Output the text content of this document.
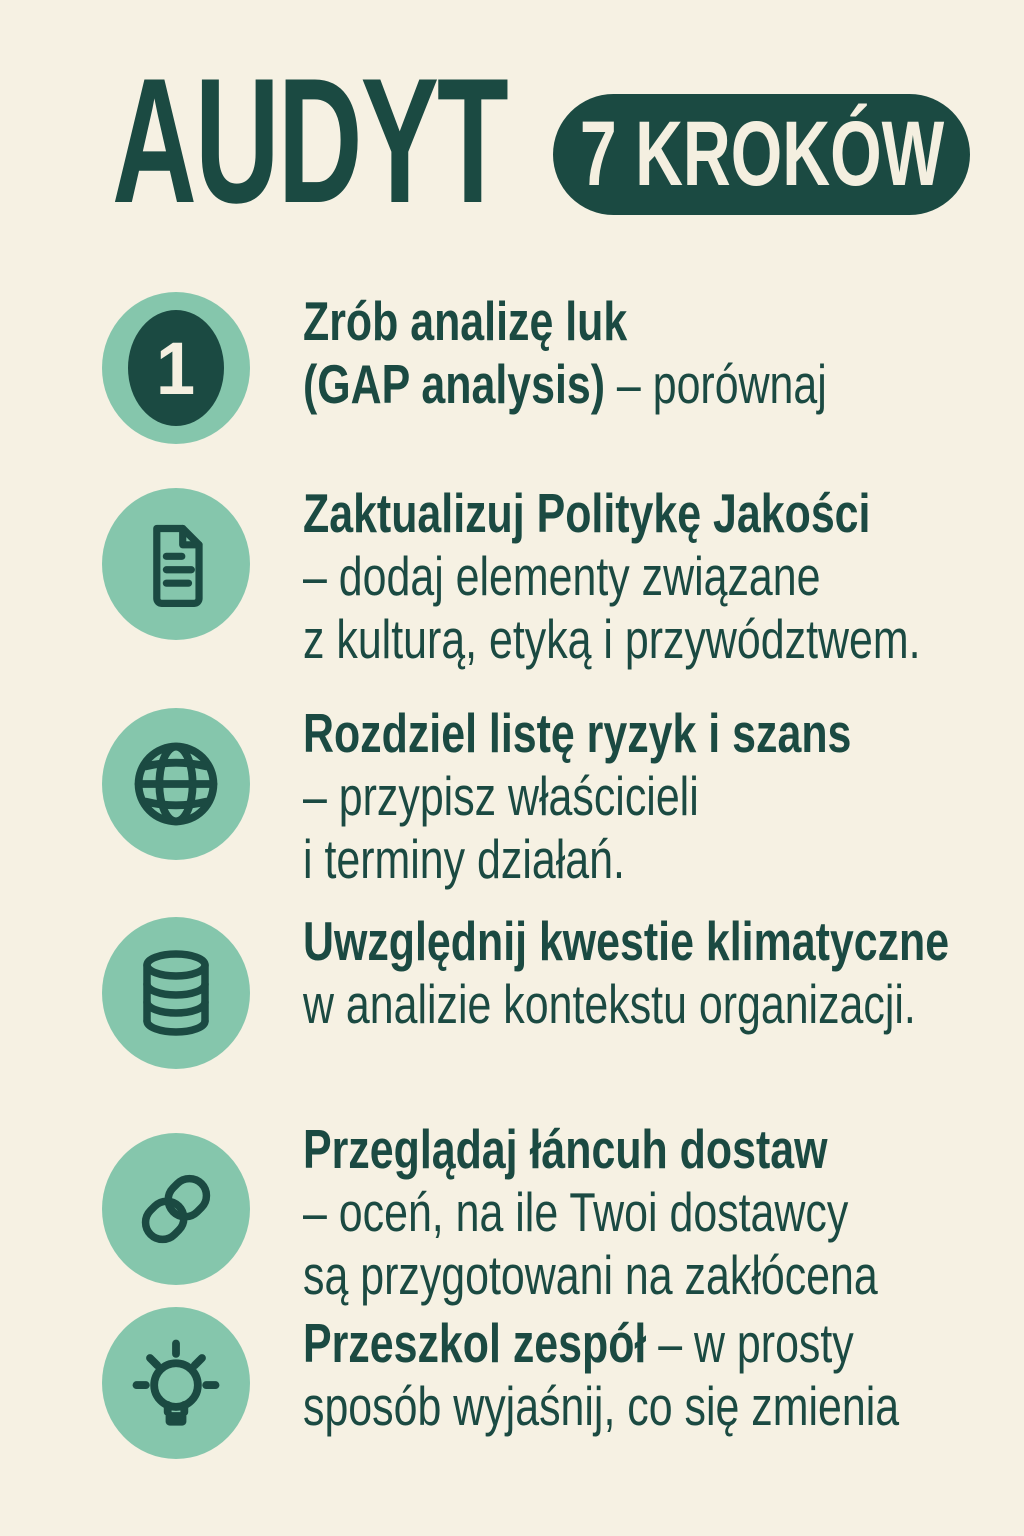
AUDYT 7 KROKÓW
1
Zrób analizę luk
(GAP analysis) – porównaj
Zaktualizuj Politykę Jakości
– dodaj elementy związane
z kulturą, etyką i przywództwem.
Rozdziel listę ryzyk i szans
– przypisz właścicieli
i terminy działań.
Uwzględnij kwestie klimatyczne
w analizie kontekstu organizacji.
Przeglądaj łáncuh dostaw
– oceń, na ile Twoi dostawcy
są przygotowani na zakłócena
Przeszkol zespół – w prosty
sposób wyjaśnij, co się zmienia
